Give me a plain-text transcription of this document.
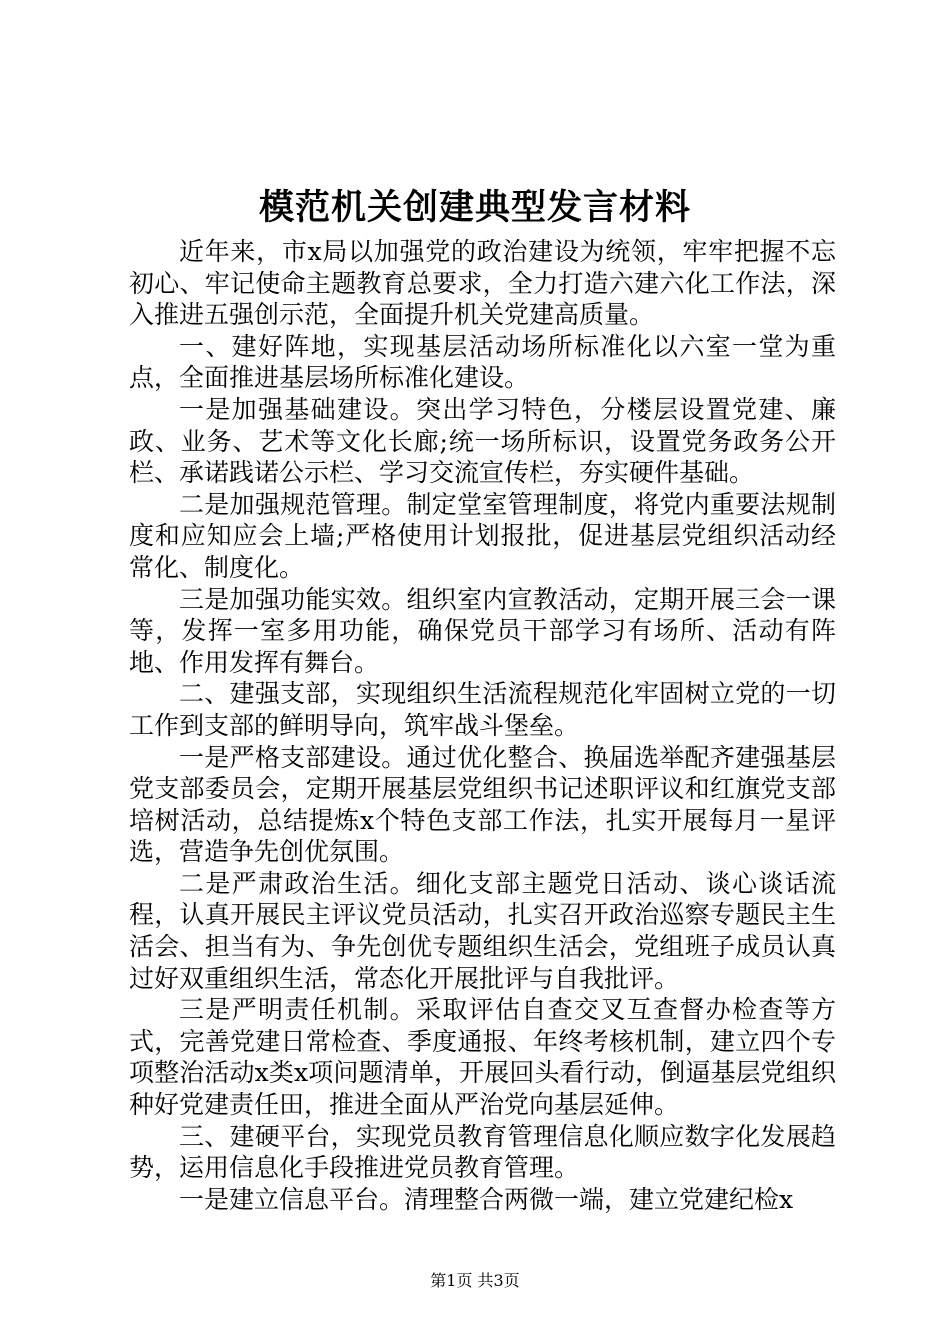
模范机关创建典型发言材料

近年来，市x局以加强党的政治建设为统领，牢牢把握不忘初心、牢记使命主题教育总要求，全力打造六建六化工作法，深入推进五强创示范，全面提升机关党建高质量。

一、建好阵地，实现基层活动场所标准化以六室一堂为重点，全面推进基层场所标准化建设。

一是加强基础建设。突出学习特色，分楼层设置党建、廉政、业务、艺术等文化长廊;统一场所标识，设置党务政务公开栏、承诺践诺公示栏、学习交流宣传栏，夯实硬件基础。

二是加强规范管理。制定堂室管理制度，将党内重要法规制度和应知应会上墙;严格使用计划报批，促进基层党组织活动经常化、制度化。

三是加强功能实效。组织室内宣教活动，定期开展三会一课等，发挥一室多用功能，确保党员干部学习有场所、活动有阵地、作用发挥有舞台。

二、建强支部，实现组织生活流程规范化牢固树立党的一切工作到支部的鲜明导向，筑牢战斗堡垒。

一是严格支部建设。通过优化整合、换届选举配齐建强基层党支部委员会，定期开展基层党组织书记述职评议和红旗党支部培树活动，总结提炼x个特色支部工作法，扎实开展每月一星评选，营造争先创优氛围。

二是严肃政治生活。细化支部主题党日活动、谈心谈话流程，认真开展民主评议党员活动，扎实召开政治巡察专题民主生活会、担当有为、争先创优专题组织生活会，党组班子成员认真过好双重组织生活，常态化开展批评与自我批评。

三是严明责任机制。采取评估自查交叉互查督办检查等方式，完善党建日常检查、季度通报、年终考核机制，建立四个专项整治活动x类x项问题清单，开展回头看行动，倒逼基层党组织种好党建责任田，推进全面从严治党向基层延伸。

三、建硬平台，实现党员教育管理信息化顺应数字化发展趋势，运用信息化手段推进党员教育管理。

一是建立信息平台。清理整合两微一端，建立党建纪检x

第1页 共3页
